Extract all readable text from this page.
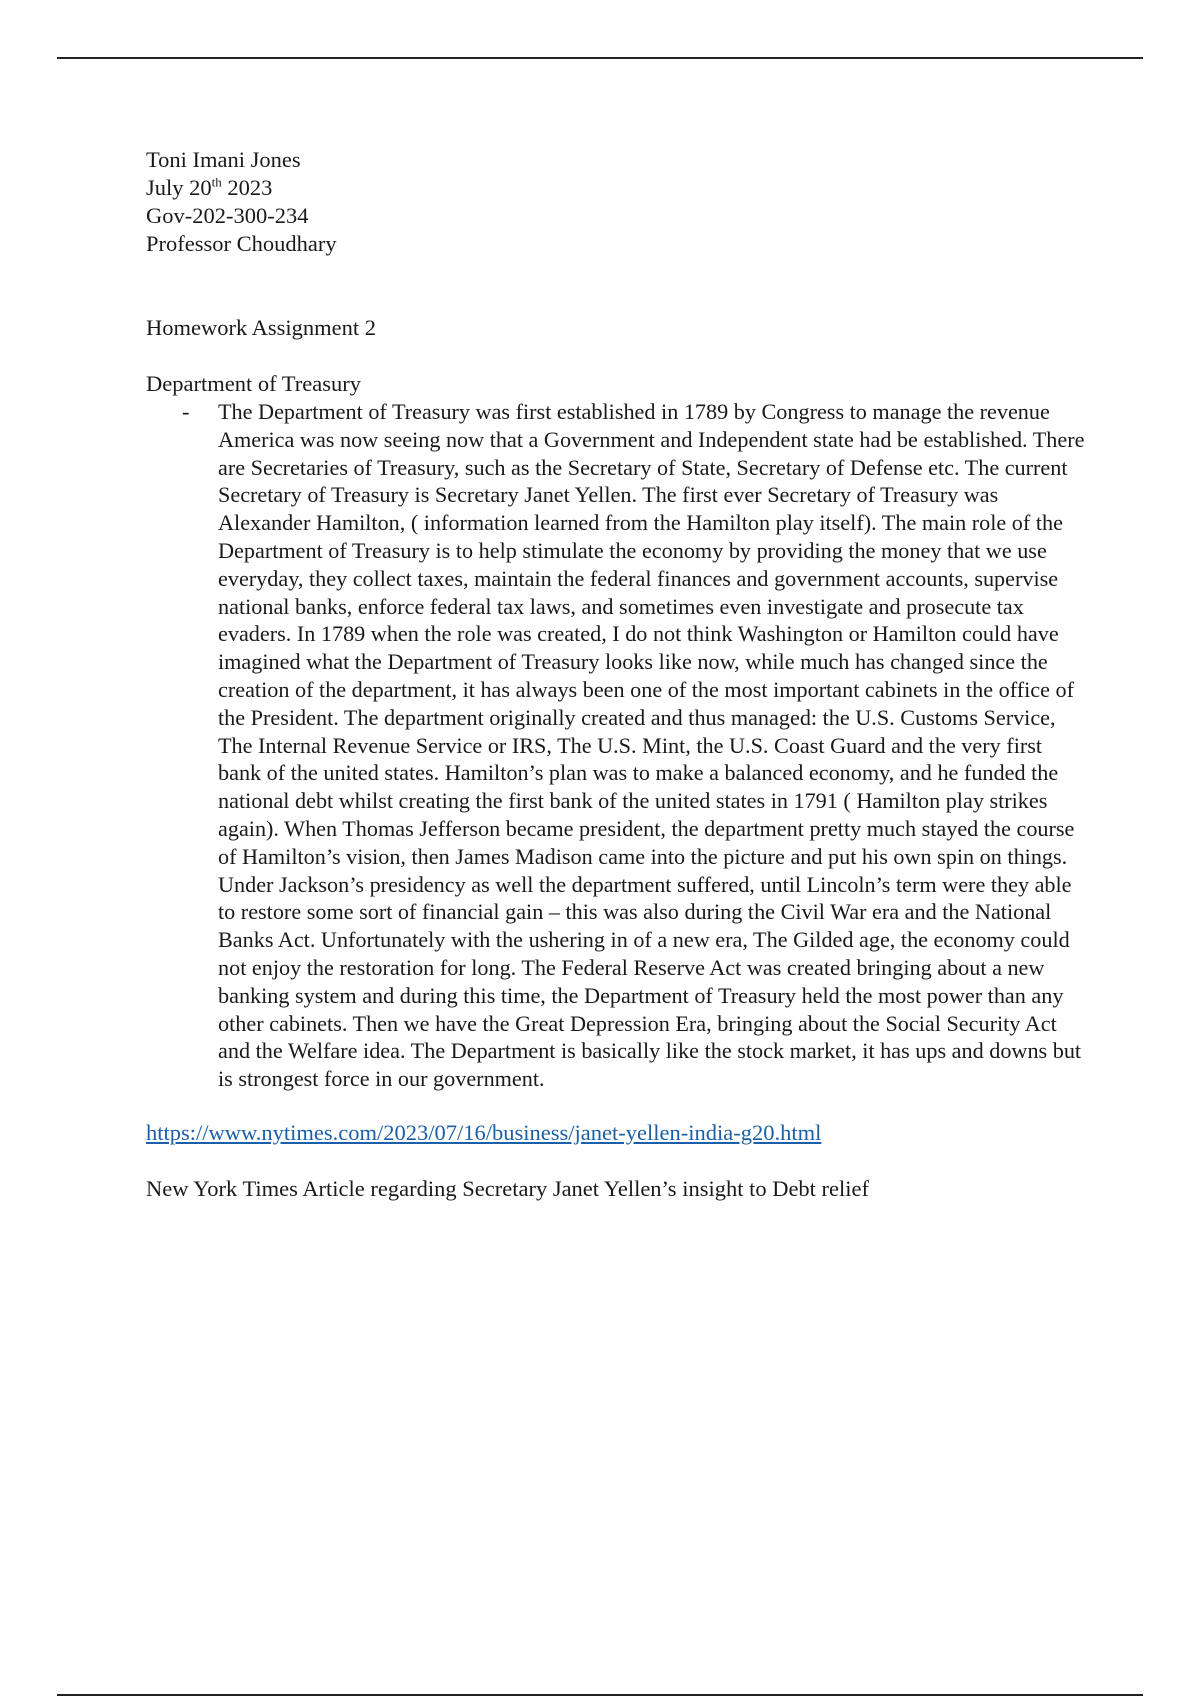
Toni Imani Jones
July 20th 2023
Gov-202-300-234
Professor Choudhary
Homework Assignment 2
Department of Treasury
- The Department of Treasury was first established in 1789 by Congress to manage the revenue America was now seeing now that a Government and Independent state had be established. There are Secretaries of Treasury, such as the Secretary of State, Secretary of Defense etc. The current Secretary of Treasury is Secretary Janet Yellen. The first ever Secretary of Treasury was Alexander Hamilton, ( information learned from the Hamilton play itself). The main role of the Department of Treasury is to help stimulate the economy by providing the money that we use everyday, they collect taxes, maintain the federal finances and government accounts, supervise national banks, enforce federal tax laws, and sometimes even investigate and prosecute tax evaders. In 1789 when the role was created, I do not think Washington or Hamilton could have imagined what the Department of Treasury looks like now, while much has changed since the creation of the department, it has always been one of the most important cabinets in the office of the President. The department originally created and thus managed: the U.S. Customs Service, The Internal Revenue Service or IRS, The U.S. Mint, the U.S. Coast Guard and the very first bank of the united states. Hamilton’s plan was to make a balanced economy, and he funded the national debt whilst creating the first bank of the united states in 1791 ( Hamilton play strikes again). When Thomas Jefferson became president, the department pretty much stayed the course of Hamilton’s vision, then James Madison came into the picture and put his own spin on things. Under Jackson’s presidency as well the department suffered, until Lincoln’s term were they able to restore some sort of financial gain – this was also during the Civil War era and the National Banks Act. Unfortunately with the ushering in of a new era, The Gilded age, the economy could not enjoy the restoration for long. The Federal Reserve Act was created bringing about a new banking system and during this time, the Department of Treasury held the most power than any other cabinets. Then we have the Great Depression Era, bringing about the Social Security Act and the Welfare idea. The Department is basically like the stock market, it has ups and downs but is strongest force in our government.
https://www.nytimes.com/2023/07/16/business/janet-yellen-india-g20.html
New York Times Article regarding Secretary Janet Yellen’s insight to Debt relief
